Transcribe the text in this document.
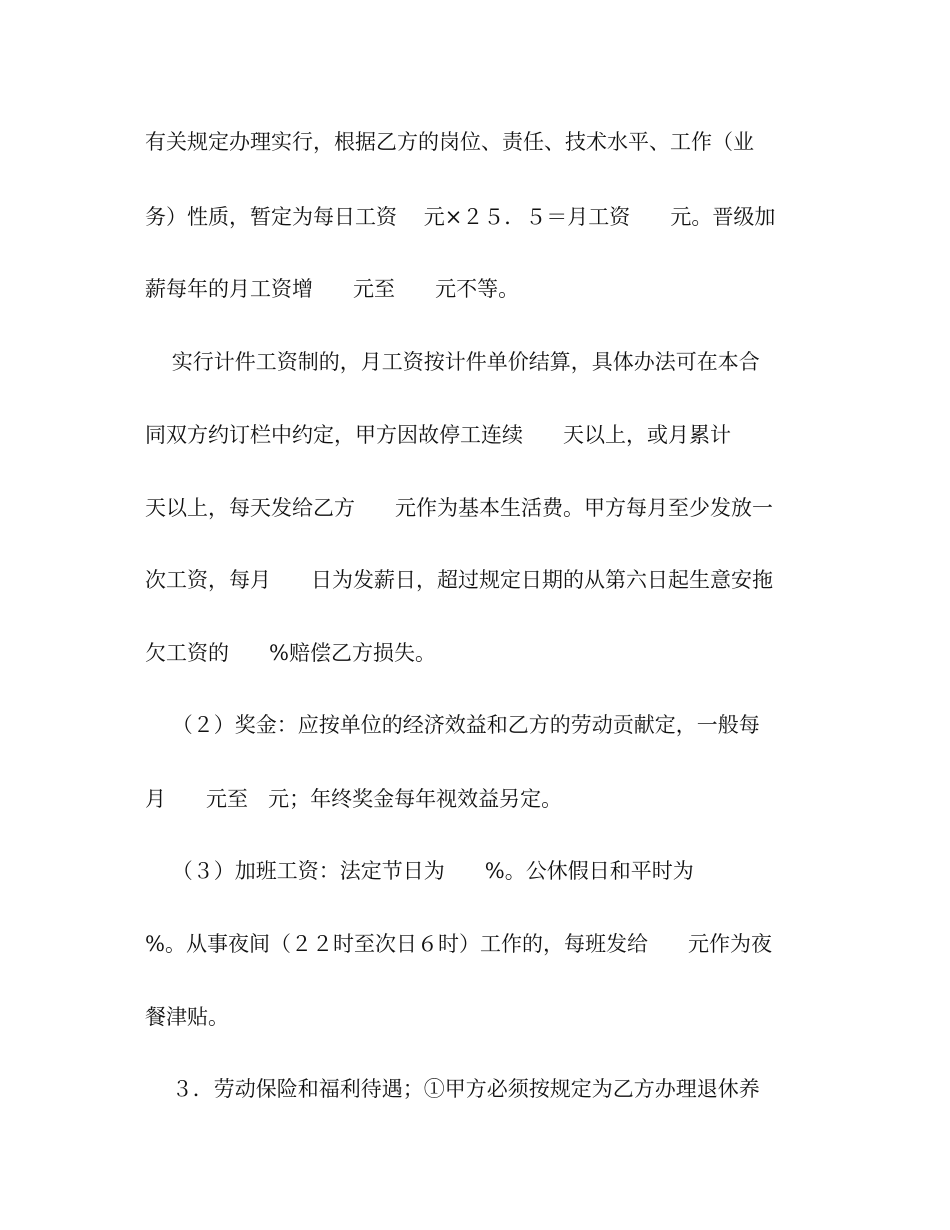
有关规定办理实行，根据乙方的岗位、责任、技术水平、工作（业
务）性质，暂定为每日工资    元×２５．５＝月工资      元。晋级加
薪每年的月工资增      元至      元不等。
实行计件工资制的，月工资按计件单价结算，具体办法可在本合
同双方约订栏中约定，甲方因故停工连续      天以上，或月累计
天以上，每天发给乙方      元作为基本生活费。甲方每月至少发放一
次工资，每月      日为发薪日，超过规定日期的从第六日起生意安拖
欠工资的      %赔偿乙方损失。
（２）奖金：应按单位的经济效益和乙方的劳动贡献定，一般每
月      元至   元；年终奖金每年视效益另定。
（３）加班工资：法定节日为      %。公休假日和平时为
%。从事夜间（２２时至次日６时）工作的，每班发给      元作为夜
餐津贴。
３．劳动保险和福利待遇；①甲方必须按规定为乙方办理退休养
